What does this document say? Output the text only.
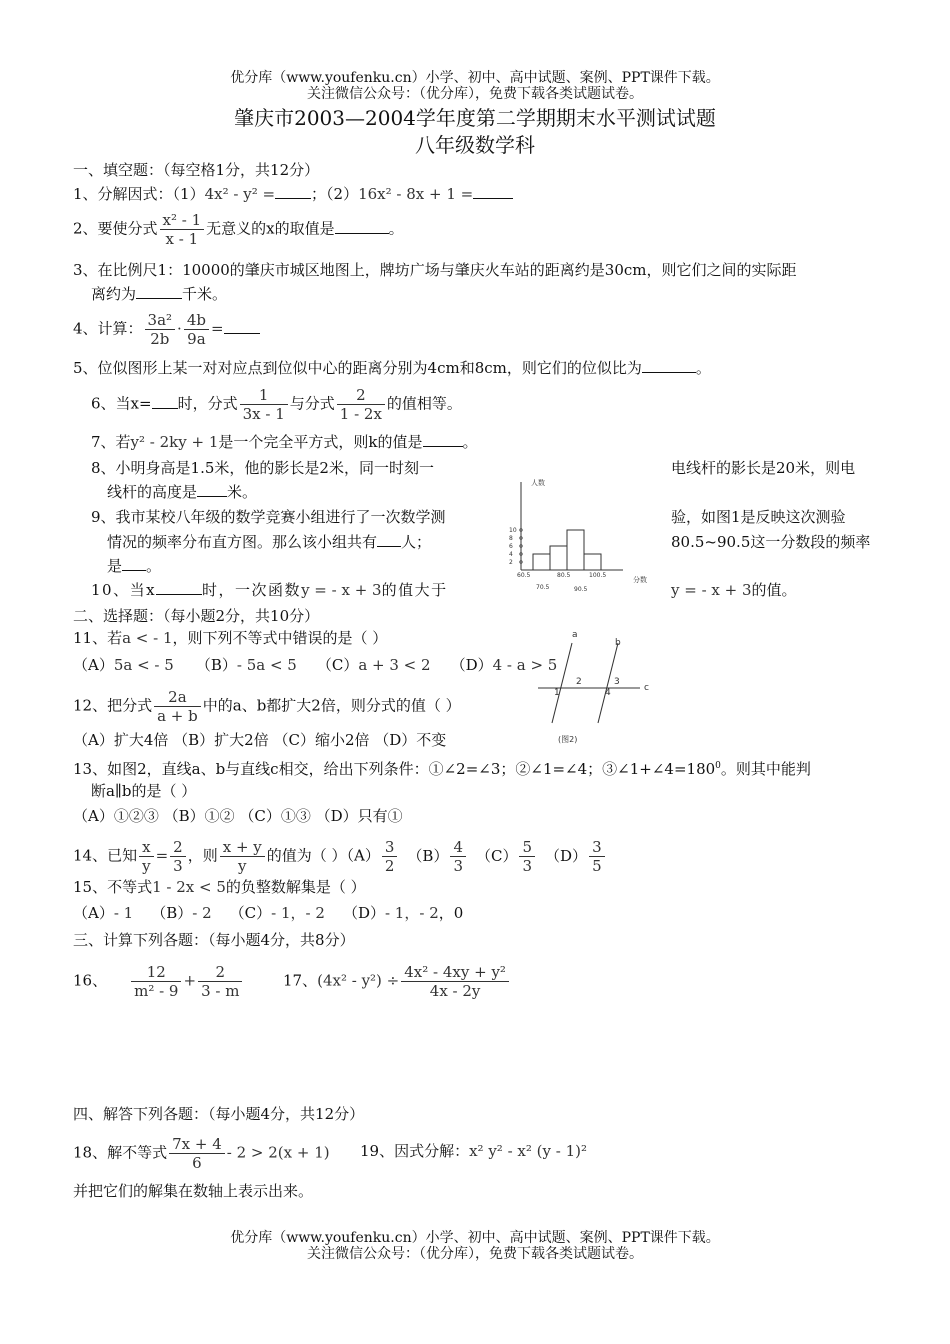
优分库（www.youfenku.cn）小学、初中、高中试题、案例、PPT课件下载。
关注微信公众号：（优分库），免费下载各类试题试卷。
肇庆市2003—2004学年度第二学期期末水平测试试题
八年级数学科
一、填空题：（每空格1分，共12分）
1、分解因式：（1）4x² - y² = ；（2）16x² - 8x + 1 =
2、要使分式 $\frac{\text{x² - 1}}{x - 1}$ 无意义的x的取值是	。
3、在比例尺1：10000的肇庆市城区地图上，牌坊广场与肇庆火车站的距离约是30cm，则它们之间的实际距
离约为	千米。
4、计算： $\frac{\text{3a²}}{2b} \cdot \frac{4b}{9a}$ =
5、位似图形上某一对对应点到位似中心的距离分别为4cm和8cm，则它们的位似比为	。
6、当x= 时，分式 $\frac{1}{3x - 1}$ 与分式 $\frac{2}{1 - 2x}$ 的值相等。
7、若y² - 2ky + 1是一个完全平方式，则k的值是	。
8、小明身高是1.5米，他的影长是2米，同一时刻一	电线杆的影长是20米，则电
线杆的高度是 米。
9、我市某校八年级的数学竞赛小组进行了一次数学测	验，如图1是反映这次测验
情况的频率分布直方图。那么该小组共有 人；	80.5~90.5这一分数段的频率
是 。
10、当x	时，一次函数y = - x + 3的值大于	y = - x + 3的值。
人数
分数
2
4
6
8
10
60.5	80.5	100.5
70.5	90.5
二、选择题：（每小题2分，共10分）
11、若a < - 1，则下列不等式中错误的是（ ）
（A）5a < - 5 （B）- 5a < 5 （C）a + 3 < 2 （D）4 - a > 5
12、把分式 $\frac{2a}{a + b}$ 中的a、b都扩大2倍，则分式的值（ ）
（A）扩大4倍 （B）扩大2倍 （C）缩小2倍 （D）不变
a
b
c
1
2	3
4
(图2)
13、如图2，直线a、b与直线c相交，给出下列条件：①∠2=∠3；②∠1=∠4；$③\angle 1+\angle 4=180^0$。则其中能判
断a∥b的是（ ）
（A）①②③ （B）①② （C）①③ （D）只有①
14、已知 $\frac{x}{y} = \frac{2}{3}$ ，则 $\frac{x + y}{y}$ 的值为（ ）$(A) \frac{3}{2} (B) \frac{4}{3} (C) \frac{5}{3} (D) \frac{3}{5}$
15、不等式1 - 2x < 5的负整数解集是（ ）
（A）- 1 （B）- 2 （C）- 1，- 2 （D）- 1，- 2，0
三、计算下列各题：（每小题4分，共8分）
16、 $\frac{12}{\text{m² - 9}} + \frac{2}{3 - m}$	17、$(4x^2 - y^2) \div \frac{\text{4x² - 4xy + y²}}{4x - 2y}$
四、解答下列各题：（每小题4分，共12分）
18、解不等式 $\frac{7x + 4}{6} - 2 > 2(x + 1)$ 19、因式分解：x² y² - x² (y - 1)²
并把它们的解集在数轴上表示出来。
优分库（www.youfenku.cn）小学、初中、高中试题、案例、PPT课件下载。
关注微信公众号：（优分库），免费下载各类试题试卷。
